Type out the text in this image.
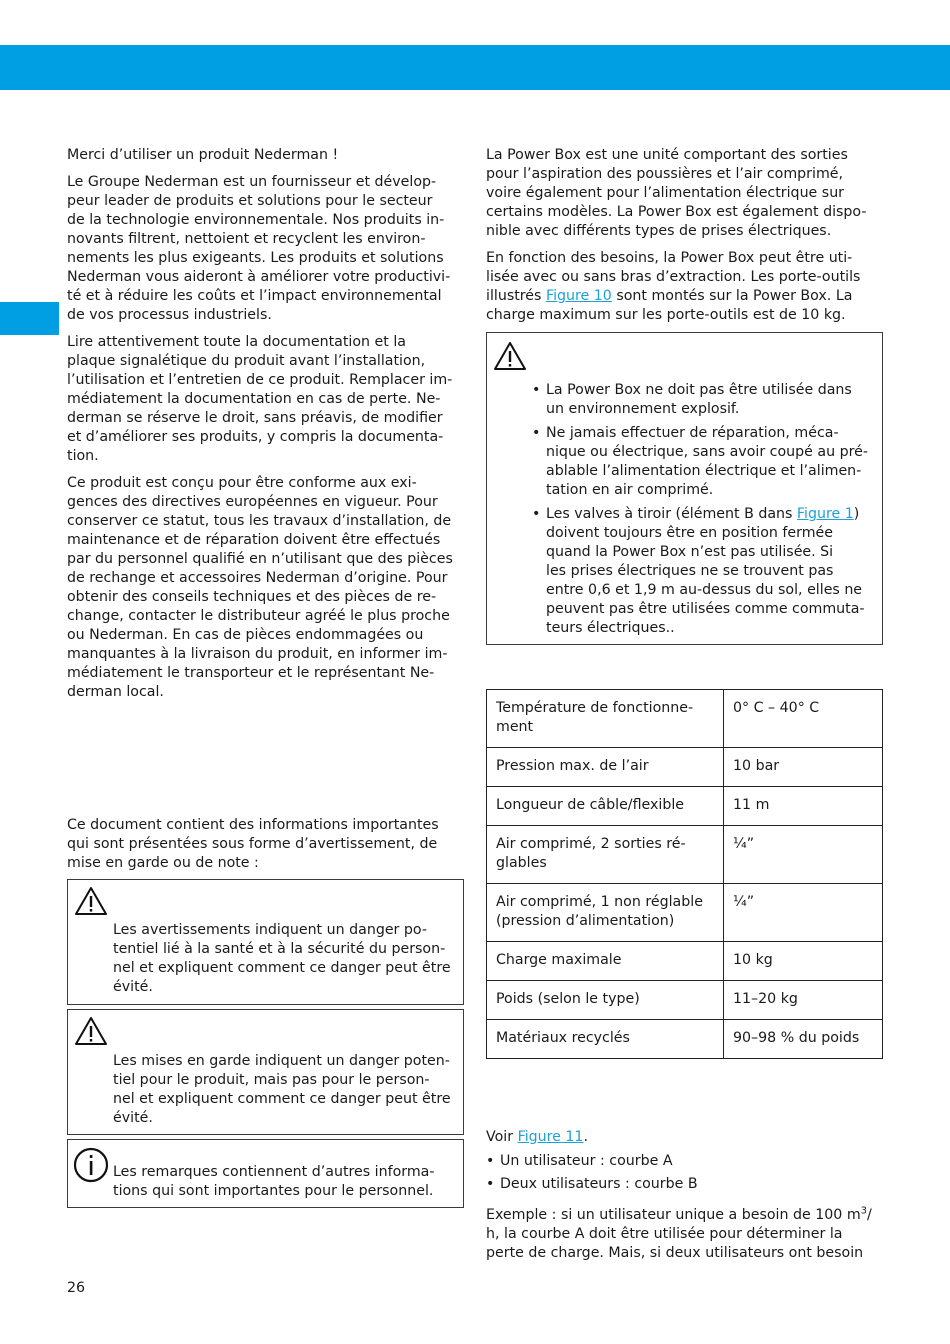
Merci d’utiliser un produit Nederman !

Le Groupe Nederman est un fournisseur et dévelop-
peur leader de produits et solutions pour le secteur
de la technologie environnementale. Nos produits in-
novants filtrent, nettoient et recyclent les environ-
nements les plus exigeants. Les produits et solutions
Nederman vous aideront à améliorer votre productivi-
té et à réduire les coûts et l’impact environnemental
de vos processus industriels.

Lire attentivement toute la documentation et la
plaque signalétique du produit avant l’installation,
l’utilisation et l’entretien de ce produit. Remplacer im-
médiatement la documentation en cas de perte. Ne-
derman se réserve le droit, sans préavis, de modifier
et d’améliorer ses produits, y compris la documenta-
tion.

Ce produit est conçu pour être conforme aux exi-
gences des directives européennes en vigueur. Pour
conserver ce statut, tous les travaux d’installation, de
maintenance et de réparation doivent être effectués
par du personnel qualifié en n’utilisant que des pièces
de rechange et accessoires Nederman d’origine. Pour
obtenir des conseils techniques et des pièces de re-
change, contacter le distributeur agréé le plus proche
ou Nederman. En cas de pièces endommagées ou
manquantes à la livraison du produit, en informer im-
médiatement le transporteur et le représentant Ne-
derman local.

Ce document contient des informations importantes
qui sont présentées sous forme d’avertissement, de
mise en garde ou de note :

Les avertissements indiquent un danger po-
tentiel lié à la santé et à la sécurité du person-
nel et expliquent comment ce danger peut être
évité.
Les mises en garde indiquent un danger poten-
tiel pour le produit, mais pas pour le person-
nel et expliquent comment ce danger peut être
évité.
Les remarques contiennent d’autres informa-
tions qui sont importantes pour le personnel.

La Power Box est une unité comportant des sorties
pour l’aspiration des poussières et l’air comprimé,
voire également pour l’alimentation électrique sur
certains modèles. La Power Box est également dispo-
nible avec différents types de prises électriques.

En fonction des besoins, la Power Box peut être uti-
lisée avec ou sans bras d’extraction. Les porte-outils
illustrés Figure 10 sont montés sur la Power Box. La
charge maximum sur les porte-outils est de 10 kg.

• La Power Box ne doit pas être utilisée dans
un environnement explosif.
• Ne jamais effectuer de réparation, méca-
nique ou électrique, sans avoir coupé au pré-
ablable l’alimentation électrique et l’alimen-
tation en air comprimé.
• Les valves à tiroir (élément B dans Figure 1)
doivent toujours être en position fermée
quand la Power Box n’est pas utilisée. Si
les prises électriques ne se trouvent pas
entre 0,6 et 1,9 m au-dessus du sol, elles ne
peuvent pas être utilisées comme commuta-
teurs électriques..
Température de fonctionne-
ment	0° C – 40° C
Pression max. de l’air	10 bar
Longueur de câble/flexible	11 m
Air comprimé, 2 sorties ré-
glables	¼”
Air comprimé, 1 non réglable
(pression d’alimentation)	¼”
Charge maximale	10 kg
Poids (selon le type)	11–20 kg
Matériaux recyclés	90–98 % du poids

Voir Figure 11.

• Un utilisateur : courbe A
• Deux utilisateurs : courbe B

Exemple : si un utilisateur unique a besoin de 100 $m^3/$
h, la courbe A doit être utilisée pour déterminer la
perte de charge. Mais, si deux utilisateurs ont besoin

26
